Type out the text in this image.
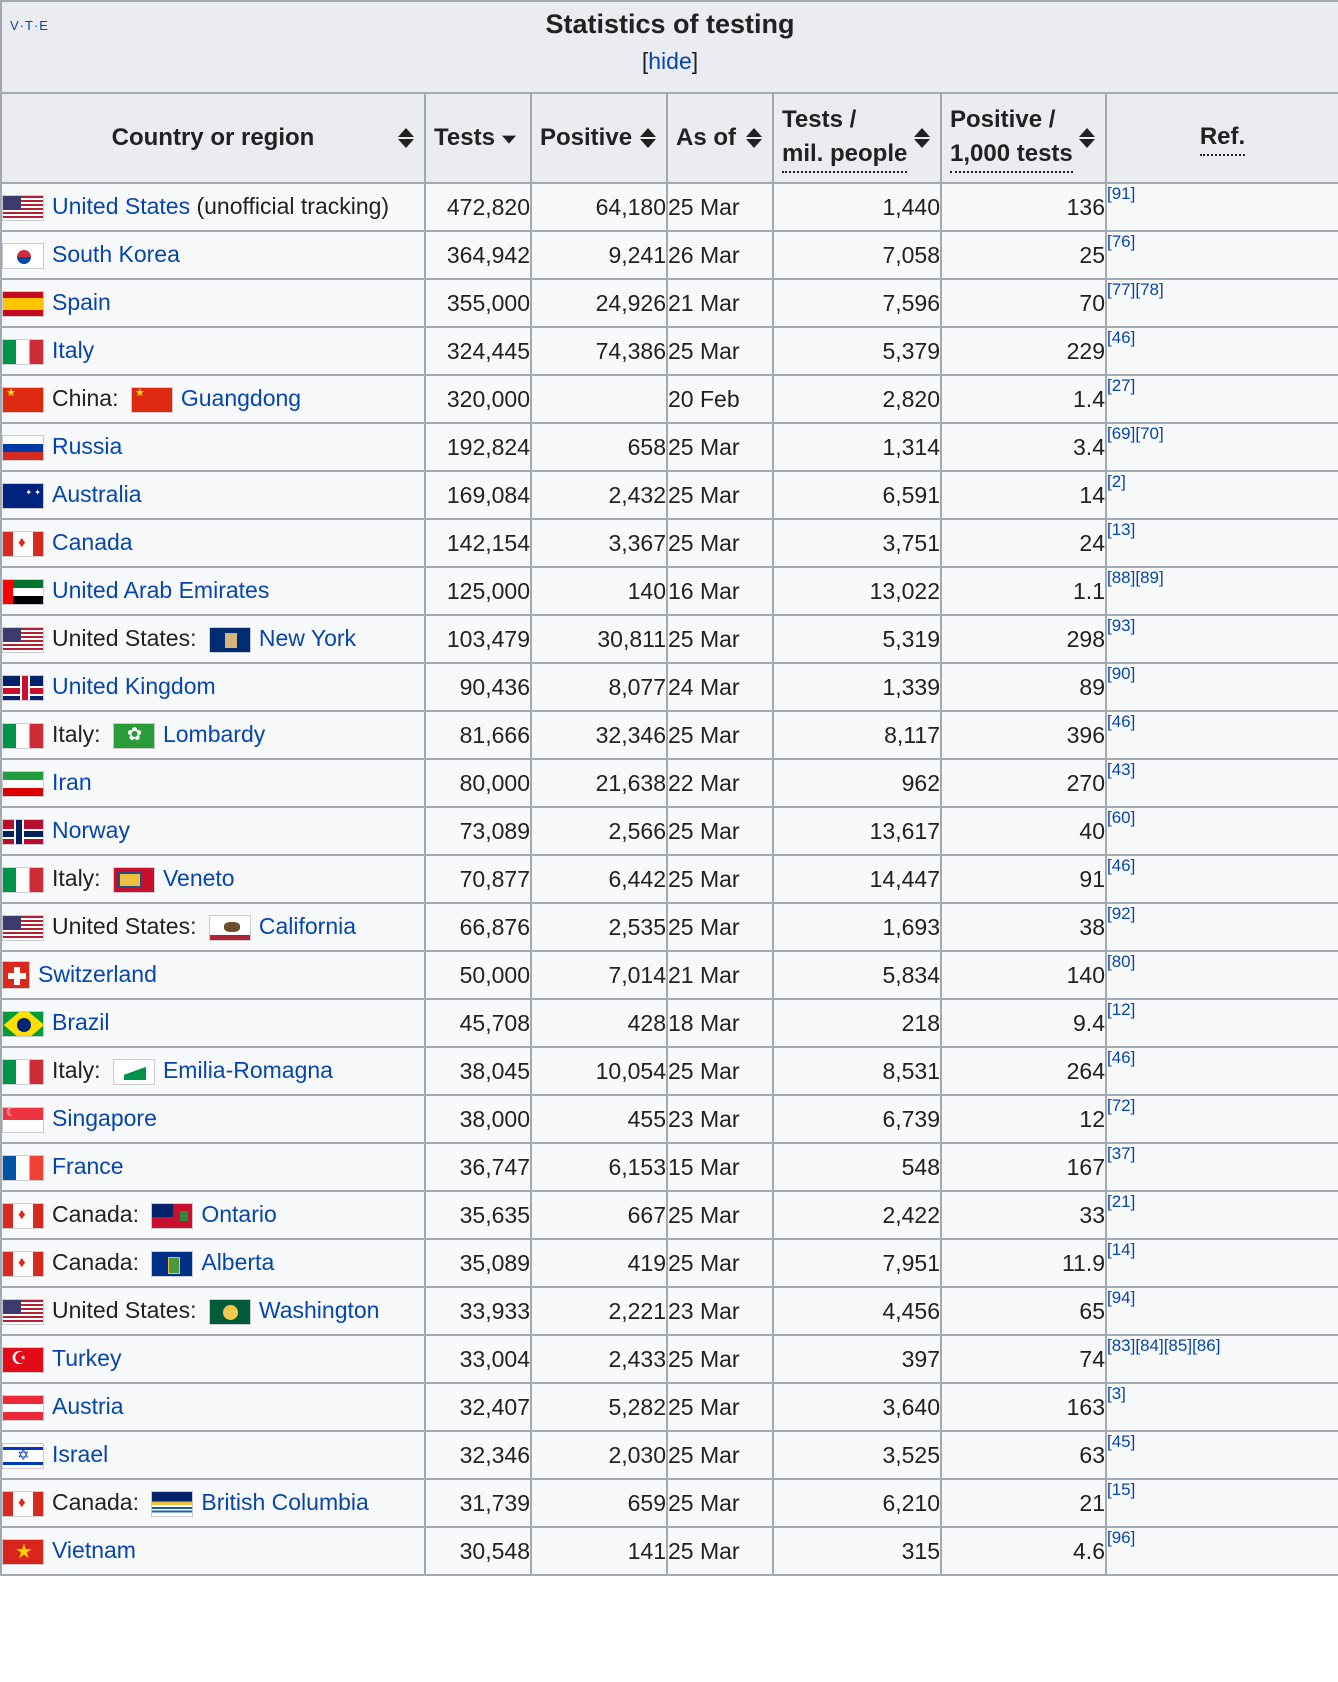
V·T·E Statistics of testing
[hide]						

Country or region	Tests	Positive	As of	Tests /
mil. people	Positive /
1,000 tests	Ref.
United States (unofficial tracking)	472,820	64,180	25 Mar	1,440	136	[91]
South Korea	364,942	9,241	26 Mar	7,058	25	[76]
Spain	355,000	24,926	21 Mar	7,596	70	[77][78]
Italy	324,445	74,386	25 Mar	5,379	229	[46]
★China: ★Guangdong	320,000		20 Feb	2,820	1.4	[27]
Russia	192,824	658	25 Mar	1,314	3.4	[69][70]
✦ ✦Australia	169,084	2,432	25 Mar	6,591	14	[2]
♦Canada	142,154	3,367	25 Mar	3,751	24	[13]
United Arab Emirates	125,000	140	16 Mar	13,022	1.1	[88][89]
United States: New York	103,479	30,811	25 Mar	5,319	298	[93]
United Kingdom	90,436	8,077	24 Mar	1,339	89	[90]
Italy: ✿Lombardy	81,666	32,346	25 Mar	8,117	396	[46]
Iran	80,000	21,638	22 Mar	962	270	[43]
Norway	73,089	2,566	25 Mar	13,617	40	[60]
Italy: Veneto	70,877	6,442	25 Mar	14,447	91	[46]
United States: California	66,876	2,535	25 Mar	1,693	38	[92]
Switzerland	50,000	7,014	21 Mar	5,834	140	[80]
Brazil	45,708	428	18 Mar	218	9.4	[12]
Italy: Emilia-Romagna	38,045	10,054	25 Mar	8,531	264	[46]
☾Singapore	38,000	455	23 Mar	6,739	12	[72]
France	36,747	6,153	15 Mar	548	167	[37]
♦Canada: Ontario	35,635	667	25 Mar	2,422	33	[21]
♦Canada: Alberta	35,089	419	25 Mar	7,951	11.9	[14]
United States: Washington	33,933	2,221	23 Mar	4,456	65	[94]
☪Turkey	33,004	2,433	25 Mar	397	74	[83][84][85][86]
Austria	32,407	5,282	25 Mar	3,640	163	[3]
✡Israel	32,346	2,030	25 Mar	3,525	63	[45]
♦Canada: British Columbia	31,739	659	25 Mar	6,210	21	[15]
★Vietnam	30,548	141	25 Mar	315	4.6	[96]
